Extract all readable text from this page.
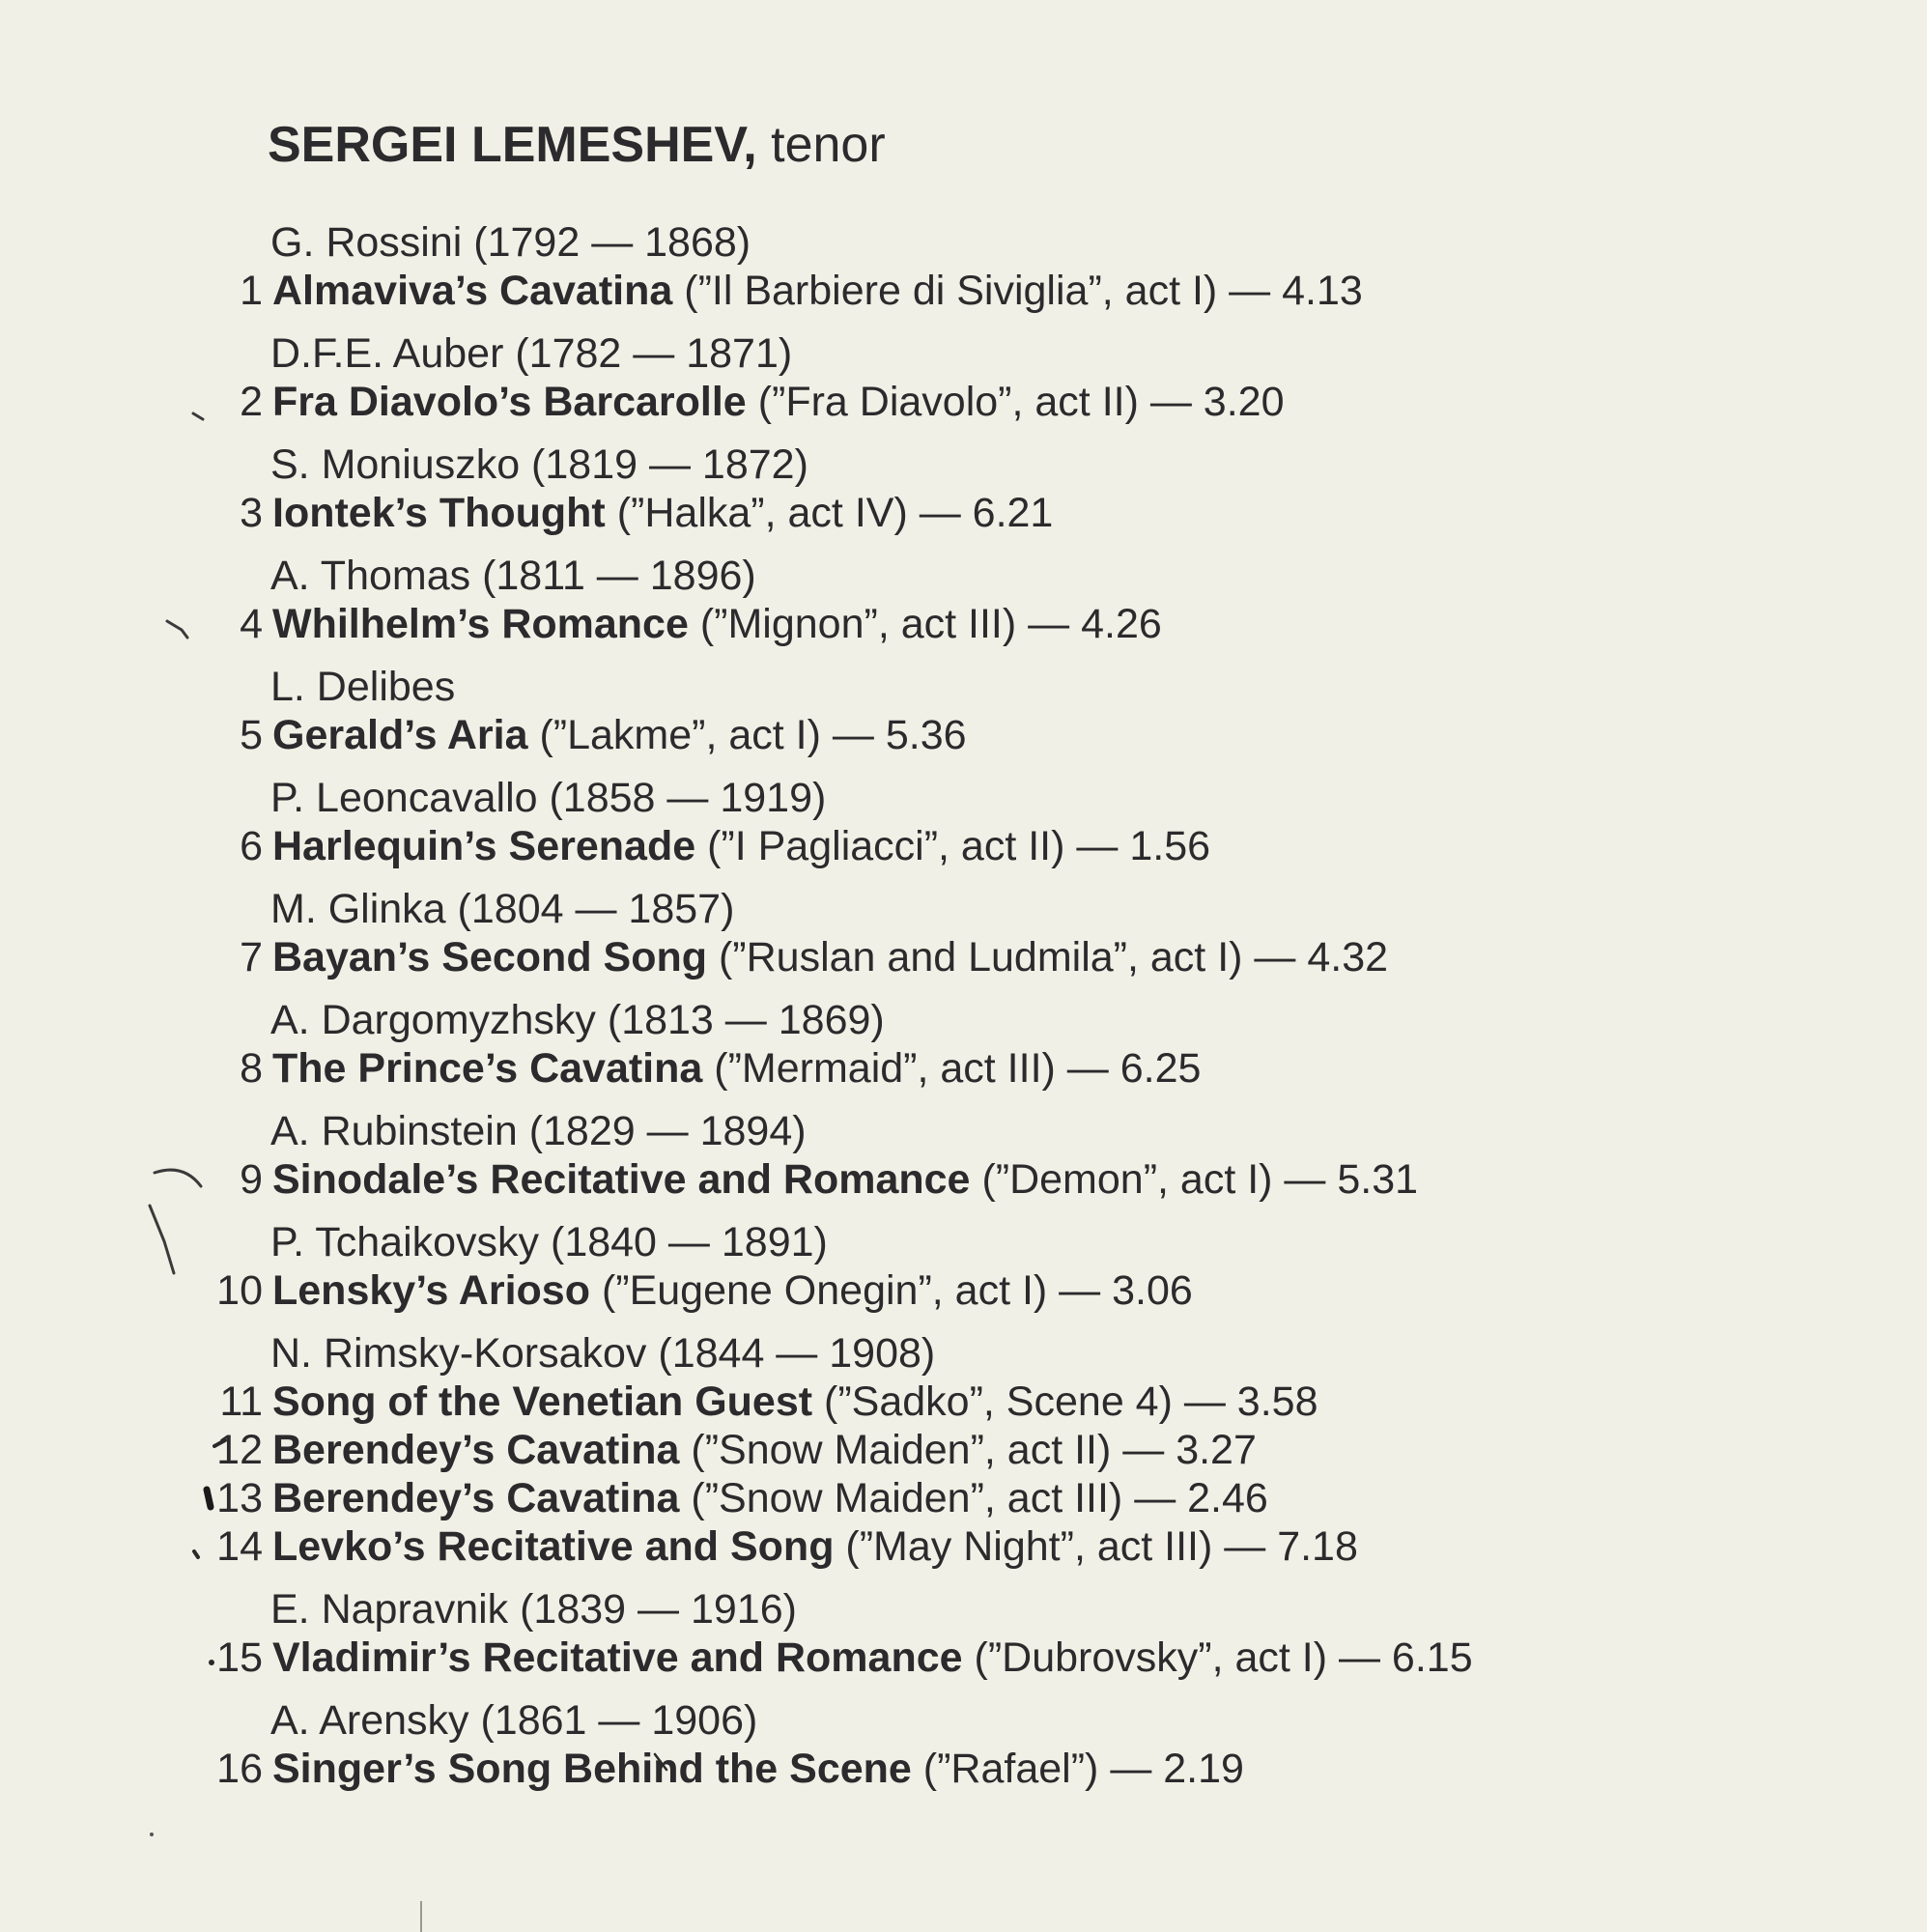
SERGEI LEMESHEV, tenor
G. Rossini (1792 — 1868)
1 Almaviva’s Cavatina (”Il Barbiere di Siviglia”, act I) — 4.13
D.F.E. Auber (1782 — 1871)
2 Fra Diavolo’s Barcarolle (”Fra Diavolo”, act II) — 3.20
S. Moniuszko (1819 — 1872)
3 Iontek’s Thought (”Halka”, act IV) — 6.21
A. Thomas (1811 — 1896)
4 Whilhelm’s Romance (”Mignon”, act III) — 4.26
L. Delibes
5 Gerald’s Aria (”Lakme”, act I) — 5.36
P. Leoncavallo (1858 — 1919)
6 Harlequin’s Serenade (”I Pagliacci”, act II) — 1.56
M. Glinka (1804 — 1857)
7 Bayan’s Second Song (”Ruslan and Ludmila”, act I) — 4.32
A. Dargomyzhsky (1813 — 1869)
8 The Prince’s Cavatina (”Mermaid”, act III) — 6.25
A. Rubinstein (1829 — 1894)
9 Sinodale’s Recitative and Romance (”Demon”, act I) — 5.31
P. Tchaikovsky (1840 — 1891)
10 Lensky’s Arioso (”Eugene Onegin”, act I) — 3.06
N. Rimsky-Korsakov (1844 — 1908)
11 Song of the Venetian Guest (”Sadko”, Scene 4) — 3.58
12 Berendey’s Cavatina (”Snow Maiden”, act II) — 3.27
13 Berendey’s Cavatina (”Snow Maiden”, act III) — 2.46
14 Levko’s Recitative and Song (”May Night”, act III) — 7.18
E. Napravnik (1839 — 1916)
15 Vladimir’s Recitative and Romance (”Dubrovsky”, act I) — 6.15
A. Arensky (1861 — 1906)
16 Singer’s Song Behind the Scene (”Rafael”) — 2.19
